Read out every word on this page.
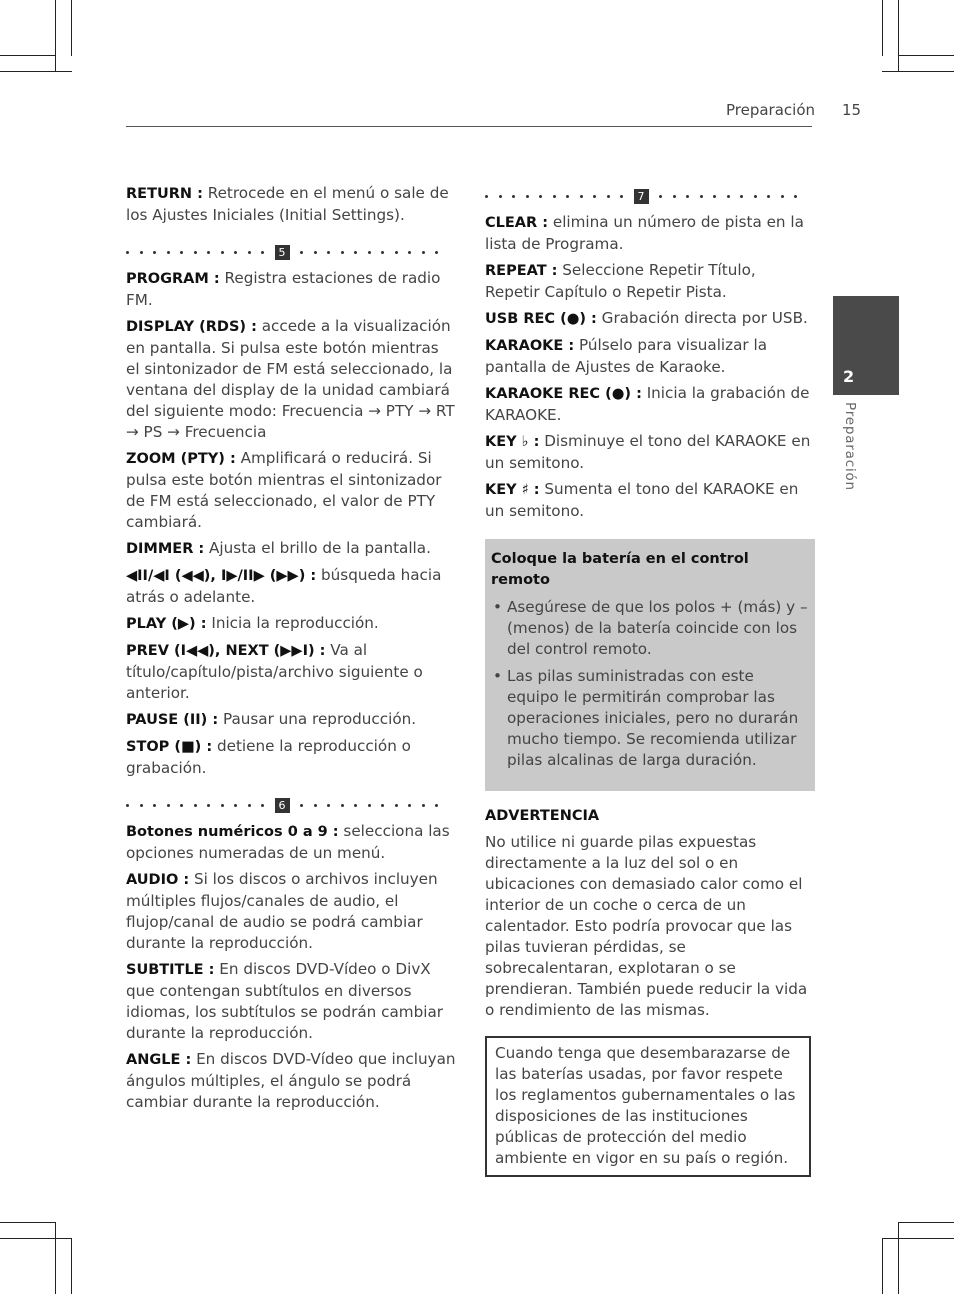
Preparación 15
2
Preparación

RETURN : Retrocede en el menú o sale de los Ajustes Iniciales (Initial Settings).

5

PROGRAM : Registra estaciones de radio FM.

DISPLAY (RDS) : accede a la visualización en pantalla. Si pulsa este botón mientras el sintonizador de FM está seleccionado, la ventana del display de la unidad cambiará del siguiente modo: Frecuencia → PTY → RT → PS → Frecuencia

ZOOM (PTY) : Amplificará o reducirá. Si pulsa este botón mientras el sintonizador de FM está seleccionado, el valor de PTY cambiará.

DIMMER : Ajusta el brillo de la pantalla.

◀II/◀I (◀◀), I▶/II▶ (▶▶) : búsqueda hacia atrás o adelante.

PLAY (▶) : Inicia la reproducción.

PREV (I◀◀), NEXT (▶▶I) : Va al título/capítulo/pista/archivo siguiente o anterior.

PAUSE (II) : Pausar una reproducción.

STOP (■) : detiene la reproducción o grabación.

6

Botones numéricos 0 a 9 : selecciona las opciones numeradas de un menú.

AUDIO : Si los discos o archivos incluyen múltiples flujos/canales de audio, el flujop/canal de audio se podrá cambiar durante la reproducción.

SUBTITLE : En discos DVD-Vídeo o DivX que contengan subtítulos en diversos idiomas, los subtítulos se podrán cambiar durante la reproducción.

ANGLE : En discos DVD-Vídeo que incluyan ángulos múltiples, el ángulo se podrá cambiar durante la reproducción.

7

CLEAR : elimina un número de pista en la lista de Programa.

REPEAT : Seleccione Repetir Título, Repetir Capítulo o Repetir Pista.

USB REC (●) : Grabación directa por USB.

KARAOKE : Púlselo para visualizar la pantalla de Ajustes de Karaoke.

KARAOKE REC (●) : Inicia la grabación de KARAOKE.

KEY ♭ : Disminuye el tono del KARAOKE en un semitono.

KEY ♯ : Sumenta el tono del KARAOKE en un semitono.

Coloque la batería en el control remoto
• Asegúrese de que los polos + (más) y – (menos) de la batería coincide con los del control remoto.
• Las pilas suministradas con este equipo le permitirán comprobar las operaciones iniciales, pero no durarán mucho tiempo. Se recomienda utilizar pilas alcalinas de larga duración.

ADVERTENCIA

No utilice ni guarde pilas expuestas directamente a la luz del sol o en ubicaciones con demasiado calor como el interior de un coche o cerca de un calentador. Esto podría provocar que las pilas tuvieran pérdidas, se sobrecalentaran, explotaran o se prendieran. También puede reducir la vida o rendimiento de las mismas.

Cuando tenga que desembarazarse de las baterías usadas, por favor respete los reglamentos gubernamentales o las disposiciones de las instituciones públicas de protección del medio ambiente en vigor en su país o región.
